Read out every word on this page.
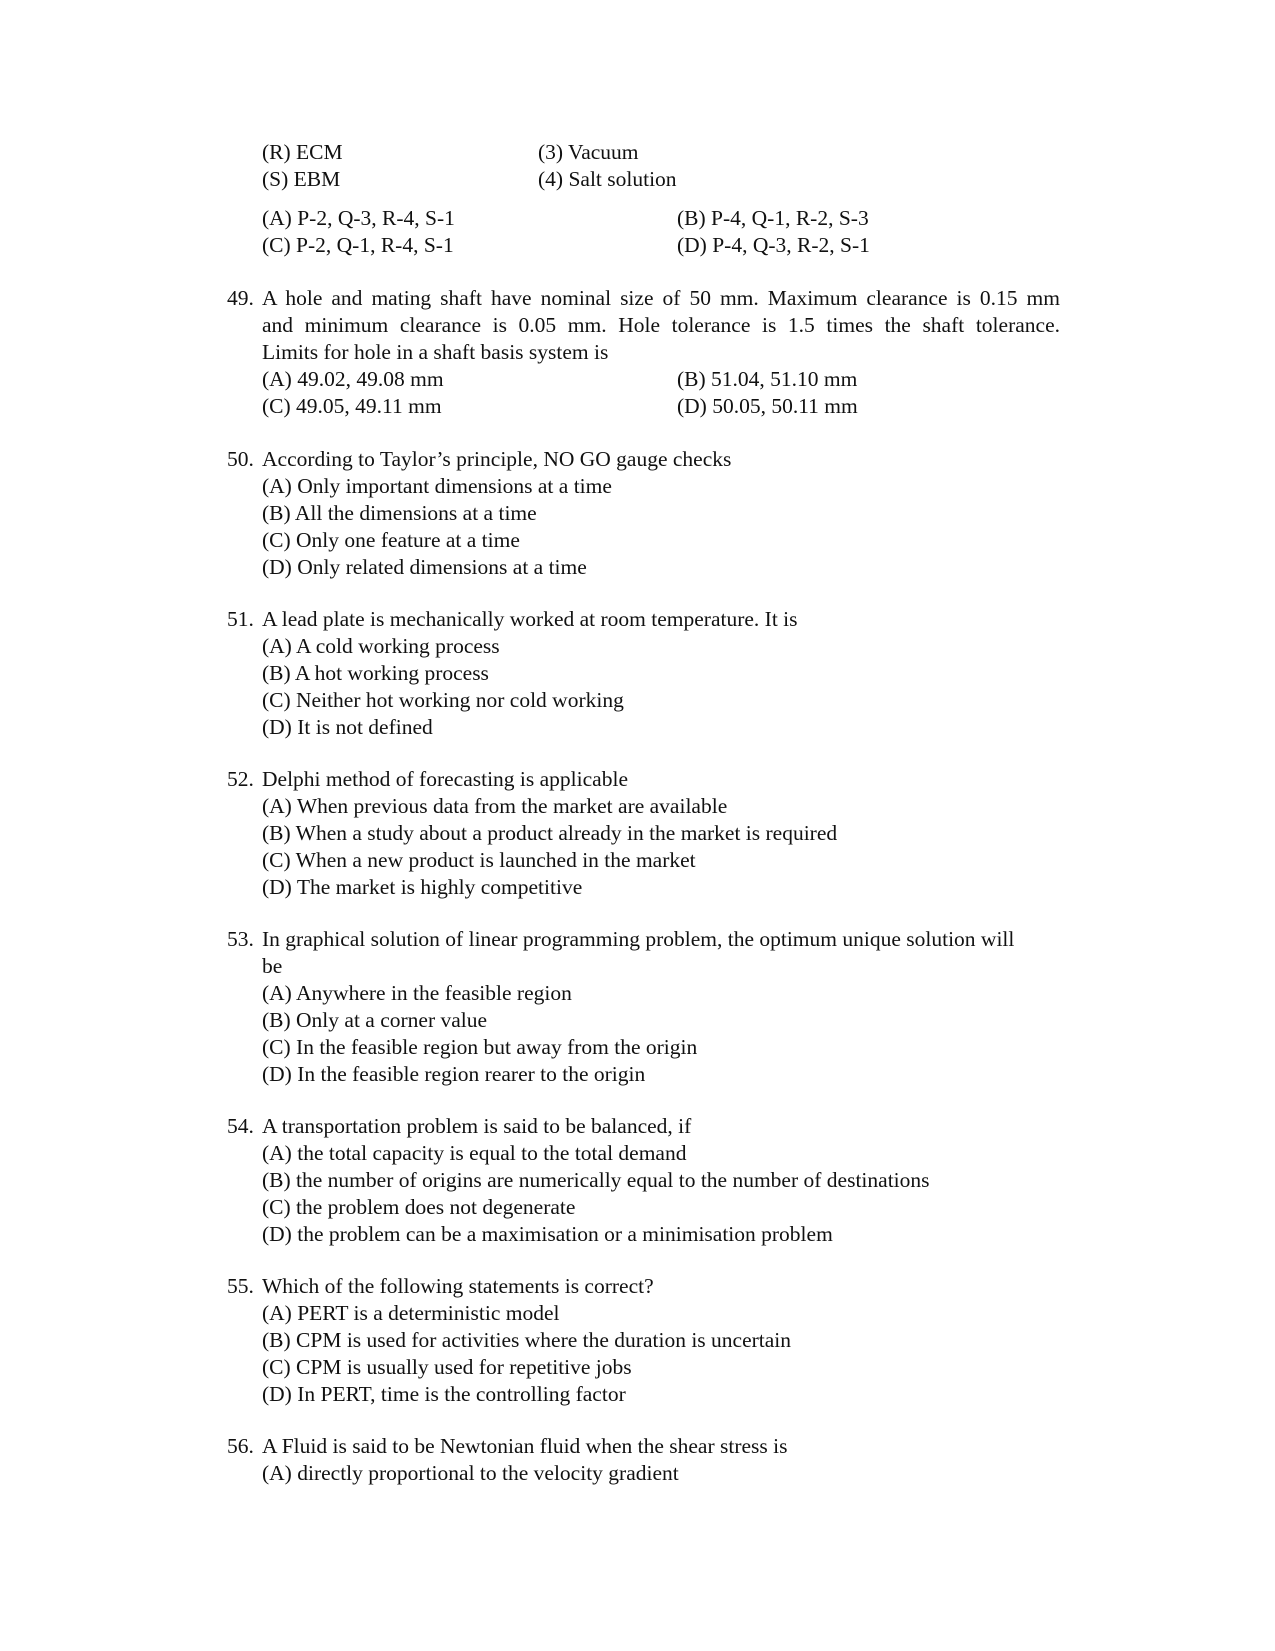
(R) ECM	(3) Vacuum
(S) EBM	(4) Salt solution
(A) P-2, Q-3, R-4, S-1	(B) P-4, Q-1, R-2, S-3
(C) P-2, Q-1, R-4, S-1	(D) P-4, Q-3, R-2, S-1
49. A hole and mating shaft have nominal size of 50 mm. Maximum clearance is 0.15 mm
and minimum clearance is 0.05 mm. Hole tolerance is 1.5 times the shaft tolerance.
Limits for hole in a shaft basis system is
(A) 49.02, 49.08 mm	(B) 51.04, 51.10 mm
(C) 49.05, 49.11 mm	(D) 50.05, 50.11 mm
50. According to Taylor’s principle, NO GO gauge checks
(A) Only important dimensions at a time
(B) All the dimensions at a time
(C) Only one feature at a time
(D) Only related dimensions at a time
51. A lead plate is mechanically worked at room temperature. It is
(A) A cold working process
(B) A hot working process
(C) Neither hot working nor cold working
(D) It is not defined
52. Delphi method of forecasting is applicable
(A) When previous data from the market are available
(B) When a study about a product already in the market is required
(C) When a new product is launched in the market
(D) The market is highly competitive
53. In graphical solution of linear programming problem, the optimum unique solution will
be
(A) Anywhere in the feasible region
(B) Only at a corner value
(C) In the feasible region but away from the origin
(D) In the feasible region rearer to the origin
54. A transportation problem is said to be balanced, if
(A) the total capacity is equal to the total demand
(B) the number of origins are numerically equal to the number of destinations
(C) the problem does not degenerate
(D) the problem can be a maximisation or a minimisation problem
55. Which of the following statements is correct?
(A) PERT is a deterministic model
(B) CPM is used for activities where the duration is uncertain
(C) CPM is usually used for repetitive jobs
(D) In PERT, time is the controlling factor
56. A Fluid is said to be Newtonian fluid when the shear stress is
(A) directly proportional to the velocity gradient
